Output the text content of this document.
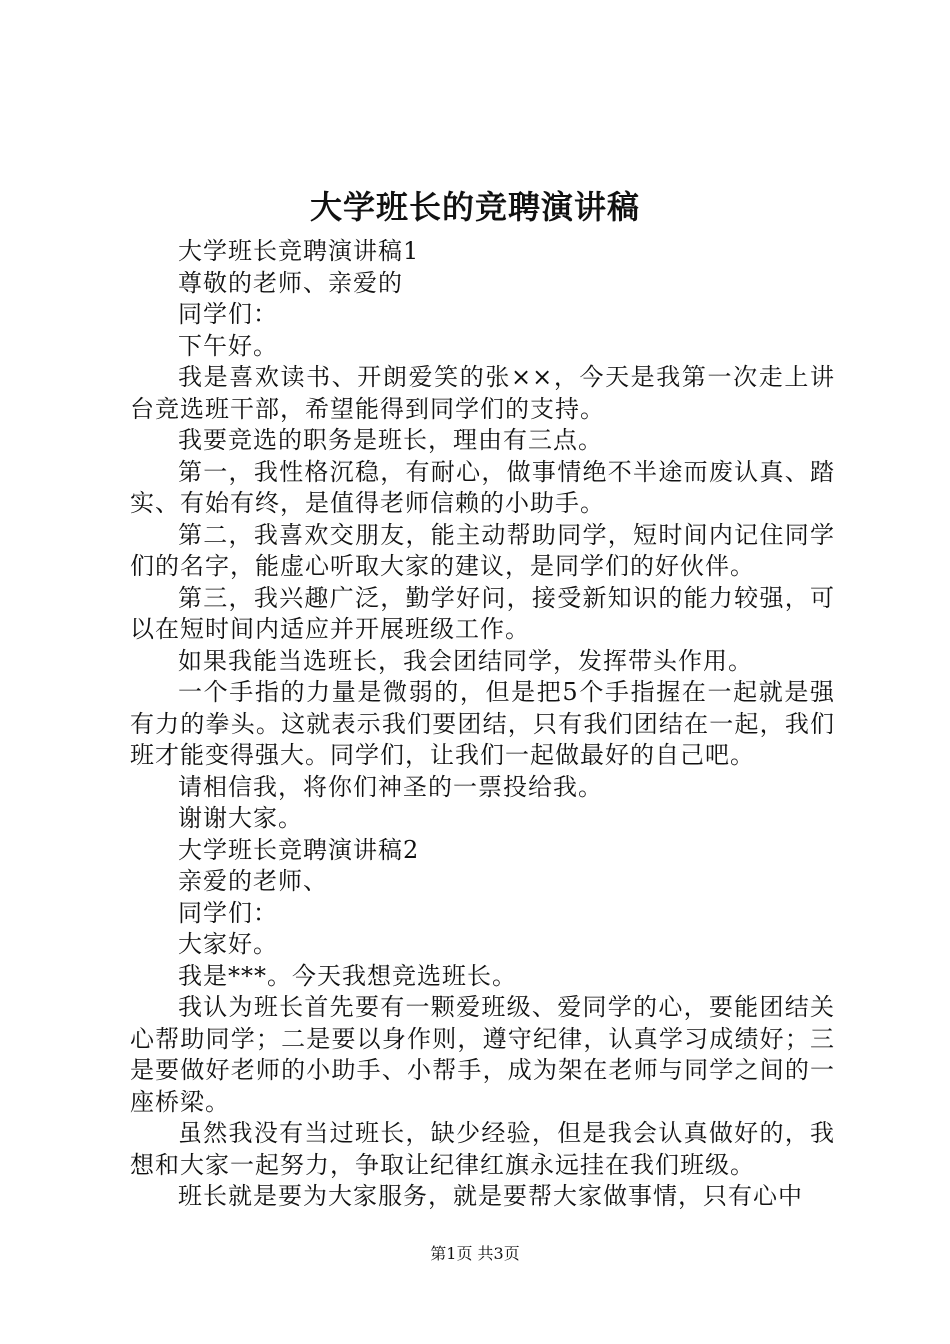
大学班长的竞聘演讲稿

大学班长竞聘演讲稿1

尊敬的老师、亲爱的

同学们：

下午好。

我是喜欢读书、开朗爱笑的张××，今天是我第一次走上讲台竞选班干部，希望能得到同学们的支持。

我要竞选的职务是班长，理由有三点。

第一，我性格沉稳，有耐心，做事情绝不半途而废认真、踏实、有始有终，是值得老师信赖的小助手。

第二，我喜欢交朋友，能主动帮助同学，短时间内记住同学们的名字，能虚心听取大家的建议，是同学们的好伙伴。

第三，我兴趣广泛，勤学好问，接受新知识的能力较强，可以在短时间内适应并开展班级工作。

如果我能当选班长，我会团结同学，发挥带头作用。

一个手指的力量是微弱的，但是把5个手指握在一起就是强有力的拳头。这就表示我们要团结，只有我们团结在一起，我们班才能变得强大。同学们，让我们一起做最好的自己吧。

请相信我，将你们神圣的一票投给我。

谢谢大家。

大学班长竞聘演讲稿2

亲爱的老师、

同学们：

大家好。

我是***。今天我想竞选班长。

我认为班长首先要有一颗爱班级、爱同学的心，要能团结关心帮助同学；二是要以身作则，遵守纪律，认真学习成绩好；三是要做好老师的小助手、小帮手，成为架在老师与同学之间的一座桥梁。

虽然我没有当过班长，缺少经验，但是我会认真做好的，我想和大家一起努力，争取让纪律红旗永远挂在我们班级。

班长就是要为大家服务，就是要帮大家做事情，只有心中

第1页 共3页
